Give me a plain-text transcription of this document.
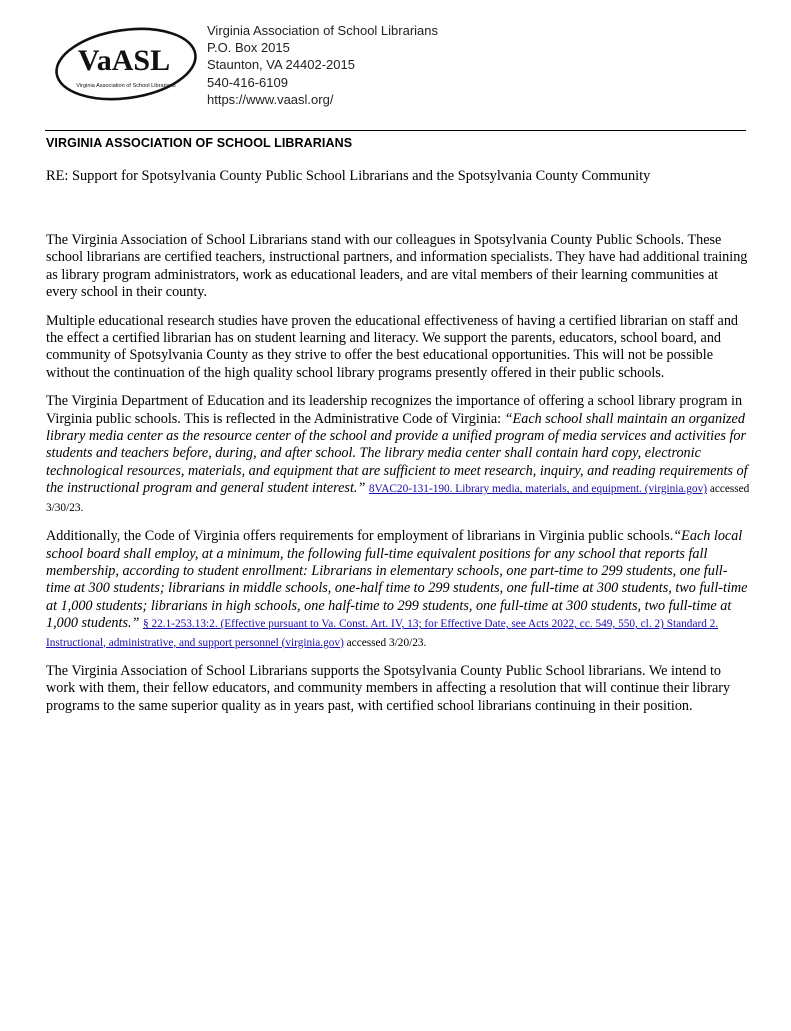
VaASL
Virginia Association of School Librarians
Virginia Association of School Librarians
P.O. Box 2015
Staunton, VA 24402-2015
540-416-6109
https://www.vaasl.org/
VIRGINIA ASSOCIATION OF SCHOOL LIBRARIANS
RE: Support for Spotsylvania County Public School Librarians and the Spotsylvania County Community

The Virginia Association of School Librarians stand with our colleagues in Spotsylvania County Public Schools. These school librarians are certified teachers, instructional partners, and information specialists. They have had additional training as library program administrators, work as educational leaders, and are vital members of their learning communities at every school in their county.

Multiple educational research studies have proven the educational effectiveness of having a certified librarian on staff and the effect a certified librarian has on student learning and literacy. We support the parents, educators, school board, and community of Spotsylvania County as they strive to offer the best educational opportunities. This will not be possible without the continuation of the high quality school library programs presently offered in their public schools.

The Virginia Department of Education and its leadership recognizes the importance of offering a school library program in Virginia public schools. This is reflected in the Administrative Code of Virginia: “Each school shall maintain an organized library media center as the resource center of the school and provide a unified program of media services and activities for students and teachers before, during, and after school. The library media center shall contain hard copy, electronic technological resources, materials, and equipment that are sufficient to meet research, inquiry, and reading requirements of the instructional program and general student interest.” 8VAC20-131-190. Library media, materials, and equipment. (virginia.gov) accessed 3/30/23.

Additionally, the Code of Virginia offers requirements for employment of librarians in Virginia public schools.“Each local school board shall employ, at a minimum, the following full-time equivalent positions for any school that reports fall membership, according to student enrollment: Librarians in elementary schools, one part-time to 299 students, one full-time at 300 students; librarians in middle schools, one-half time to 299 students, one full-time at 300 students, two full-time at 1,000 students; librarians in high schools, one half-time to 299 students, one full-time at 300 students, two full-time at 1,000 students.” § 22.1-253.13:2. (Effective pursuant to Va. Const. Art. IV, 13; for Effective Date, see Acts 2022, cc. 549, 550, cl. 2) Standard 2. Instructional, administrative, and support personnel (virginia.gov) accessed 3/20/23.

The Virginia Association of School Librarians supports the Spotsylvania County Public School librarians. We intend to work with them, their fellow educators, and community members in affecting a resolution that will continue their library programs to the same superior quality as in years past, with certified school librarians continuing in their position.
